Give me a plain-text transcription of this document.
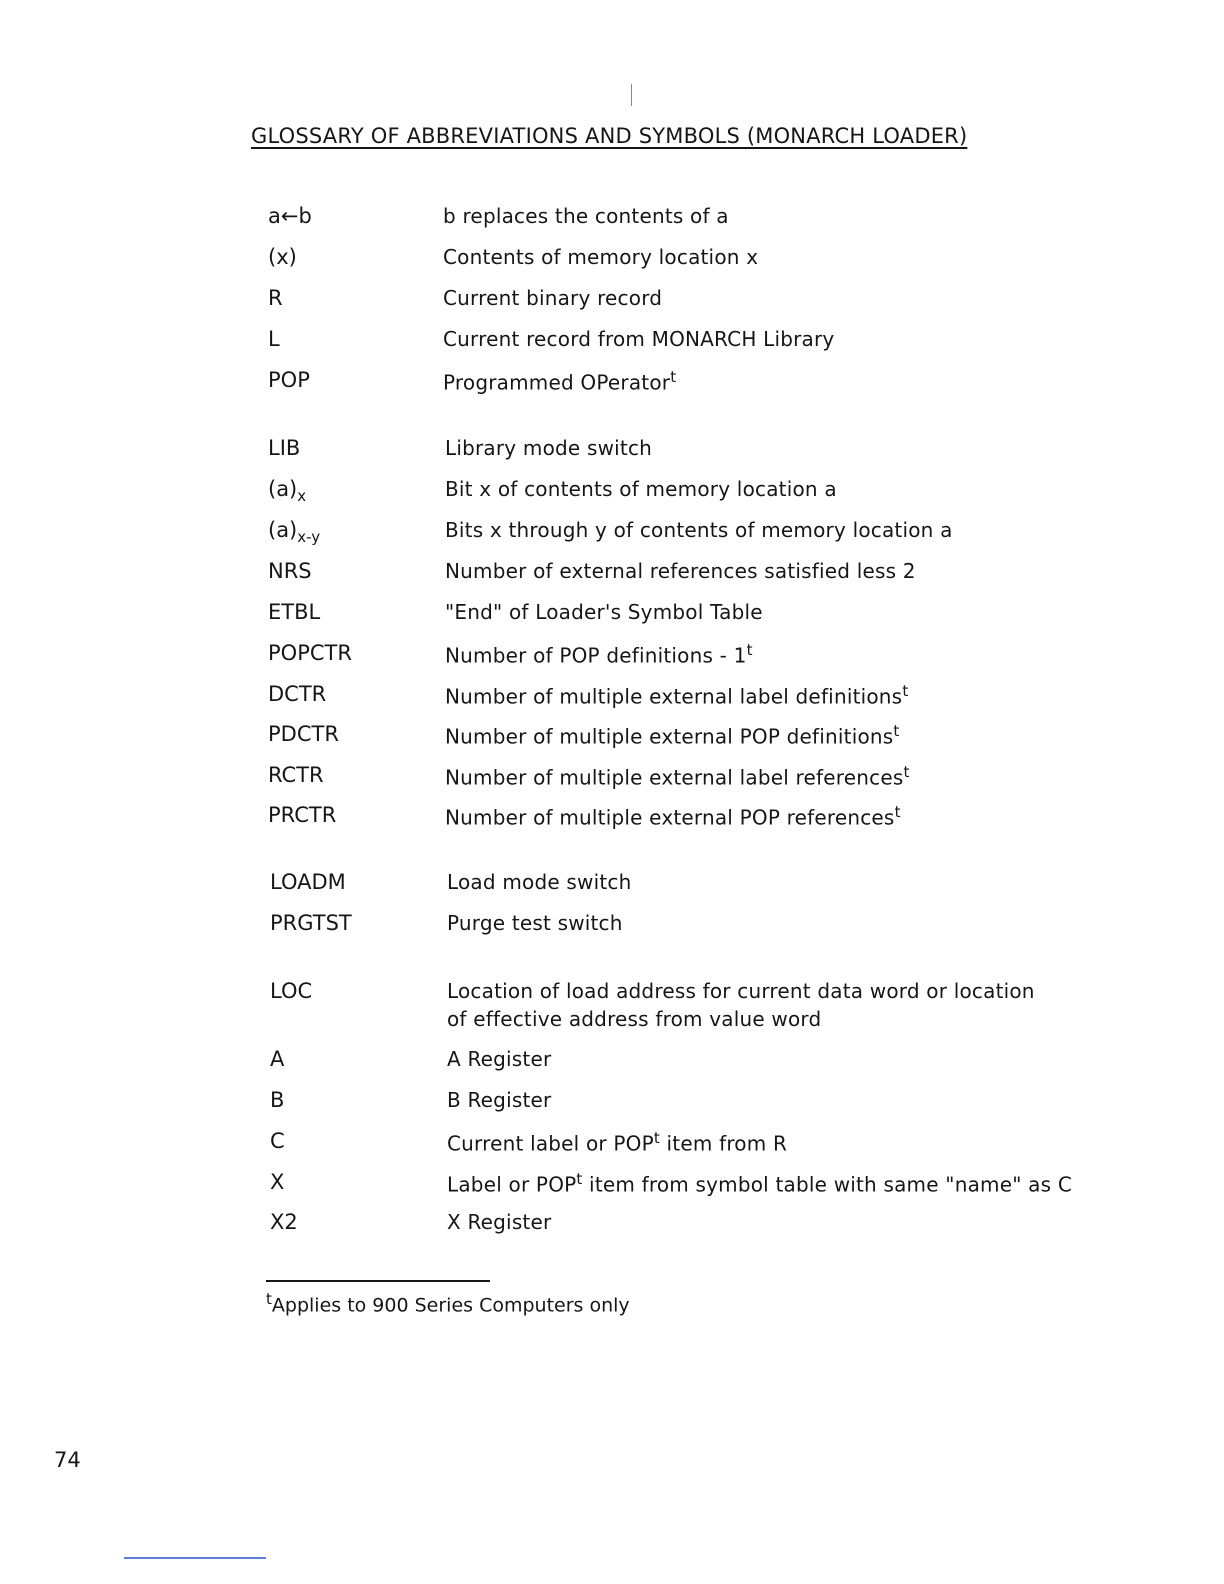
GLOSSARY OF ABBREVIATIONS AND SYMBOLS (MONARCH LOADER)
a←b	b replaces the contents of a
(x)	Contents of memory location x
R	Current binary record
L	Current record from MONARCH Library
POP	Programmed OPerator$^t$
LIB	Library mode switch
$(a)_x$	Bit x of contents of memory location a
$(a)_{x-y}$	Bits x through y of contents of memory location a
NRS	Number of external references satisfied less 2
ETBL	"End" of Loader's Symbol Table
POPCTR	Number of POP definitions - 1$^t$
DCTR	Number of multiple external label definitions$^t$
PDCTR	Number of multiple external POP definitions$^t$
RCTR	Number of multiple external label references$^t$
PRCTR	Number of multiple external POP references$^t$
LOADM	Load mode switch
PRGTST	Purge test switch
LOC	Location of load address for current data word or location
of effective address from value word
A	A Register
B	B Register
C	Current label or POP$^t$ item from R
X	Label or POP$^t$ item from symbol table with same "name" as C
X2	X Register
$^t$Applies to 900 Series Computers only
74
